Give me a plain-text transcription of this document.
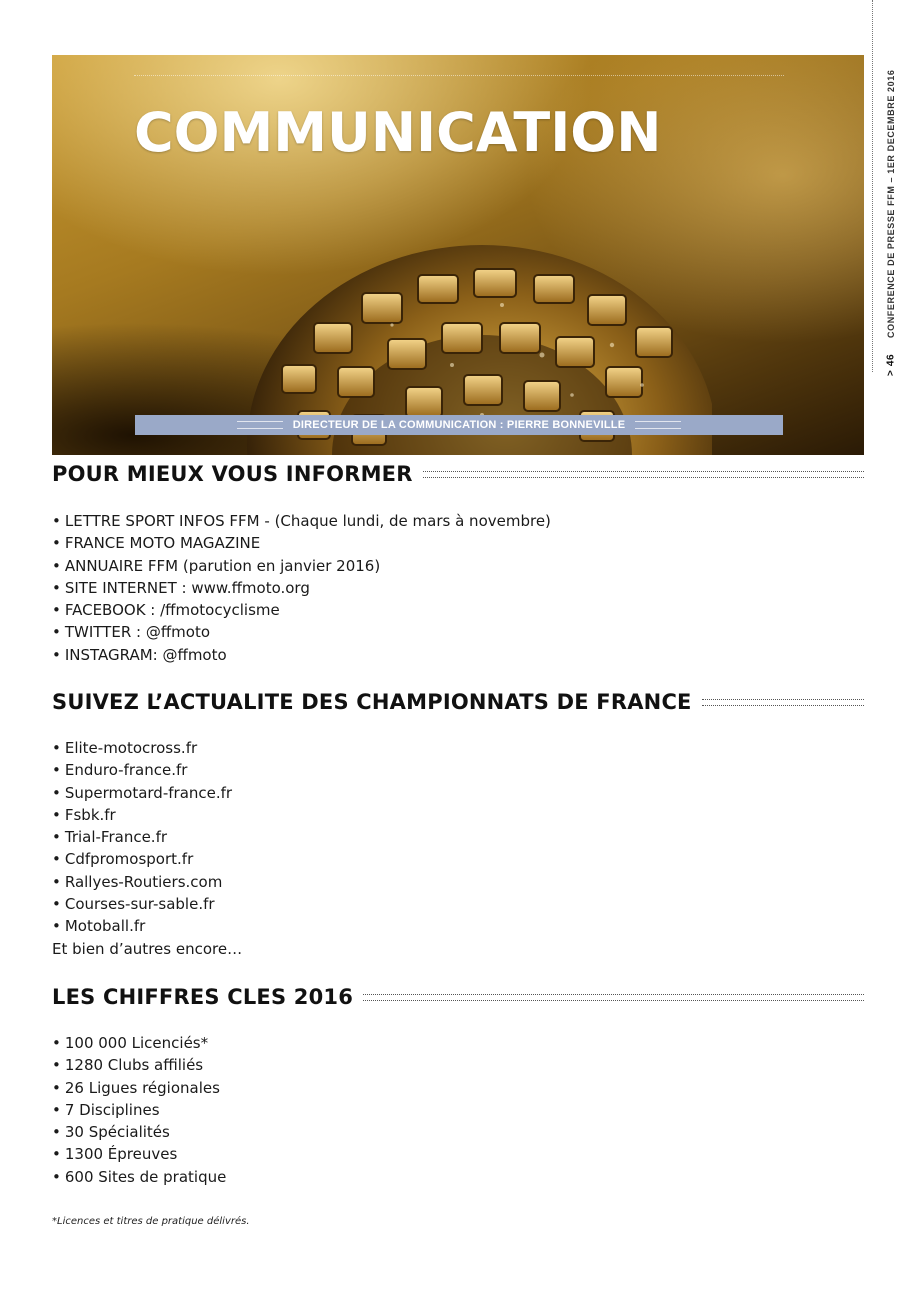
> 46
CONFERENCE DE PRESSE FFM – 1ER DECEMBRE 2016
COMMUNICATION
DIRECTEUR DE LA COMMUNICATION : PIERRE BONNEVILLE
POUR MIEUX VOUS INFORMER
• LETTRE SPORT INFOS FFM - (Chaque lundi, de mars à novembre)
• FRANCE MOTO MAGAZINE
• ANNUAIRE FFM (parution en janvier 2016)
• SITE INTERNET : www.ffmoto.org
• FACEBOOK : /ffmotocyclisme
• TWITTER : @ffmoto
• INSTAGRAM: @ffmoto
SUIVEZ L’ACTUALITE DES CHAMPIONNATS DE FRANCE
• Elite-motocross.fr
• Enduro-france.fr
• Supermotard-france.fr
• Fsbk.fr
• Trial-France.fr
• Cdfpromosport.fr
• Rallyes-Routiers.com
• Courses-sur-sable.fr
• Motoball.fr
Et bien d’autres encore…
LES CHIFFRES CLES 2016
• 100 000 Licenciés*
• 1280 Clubs affiliés
• 26 Ligues régionales
• 7 Disciplines
• 30 Spécialités
• 1300 Épreuves
• 600 Sites de pratique
*Licences et titres de pratique délivrés.
